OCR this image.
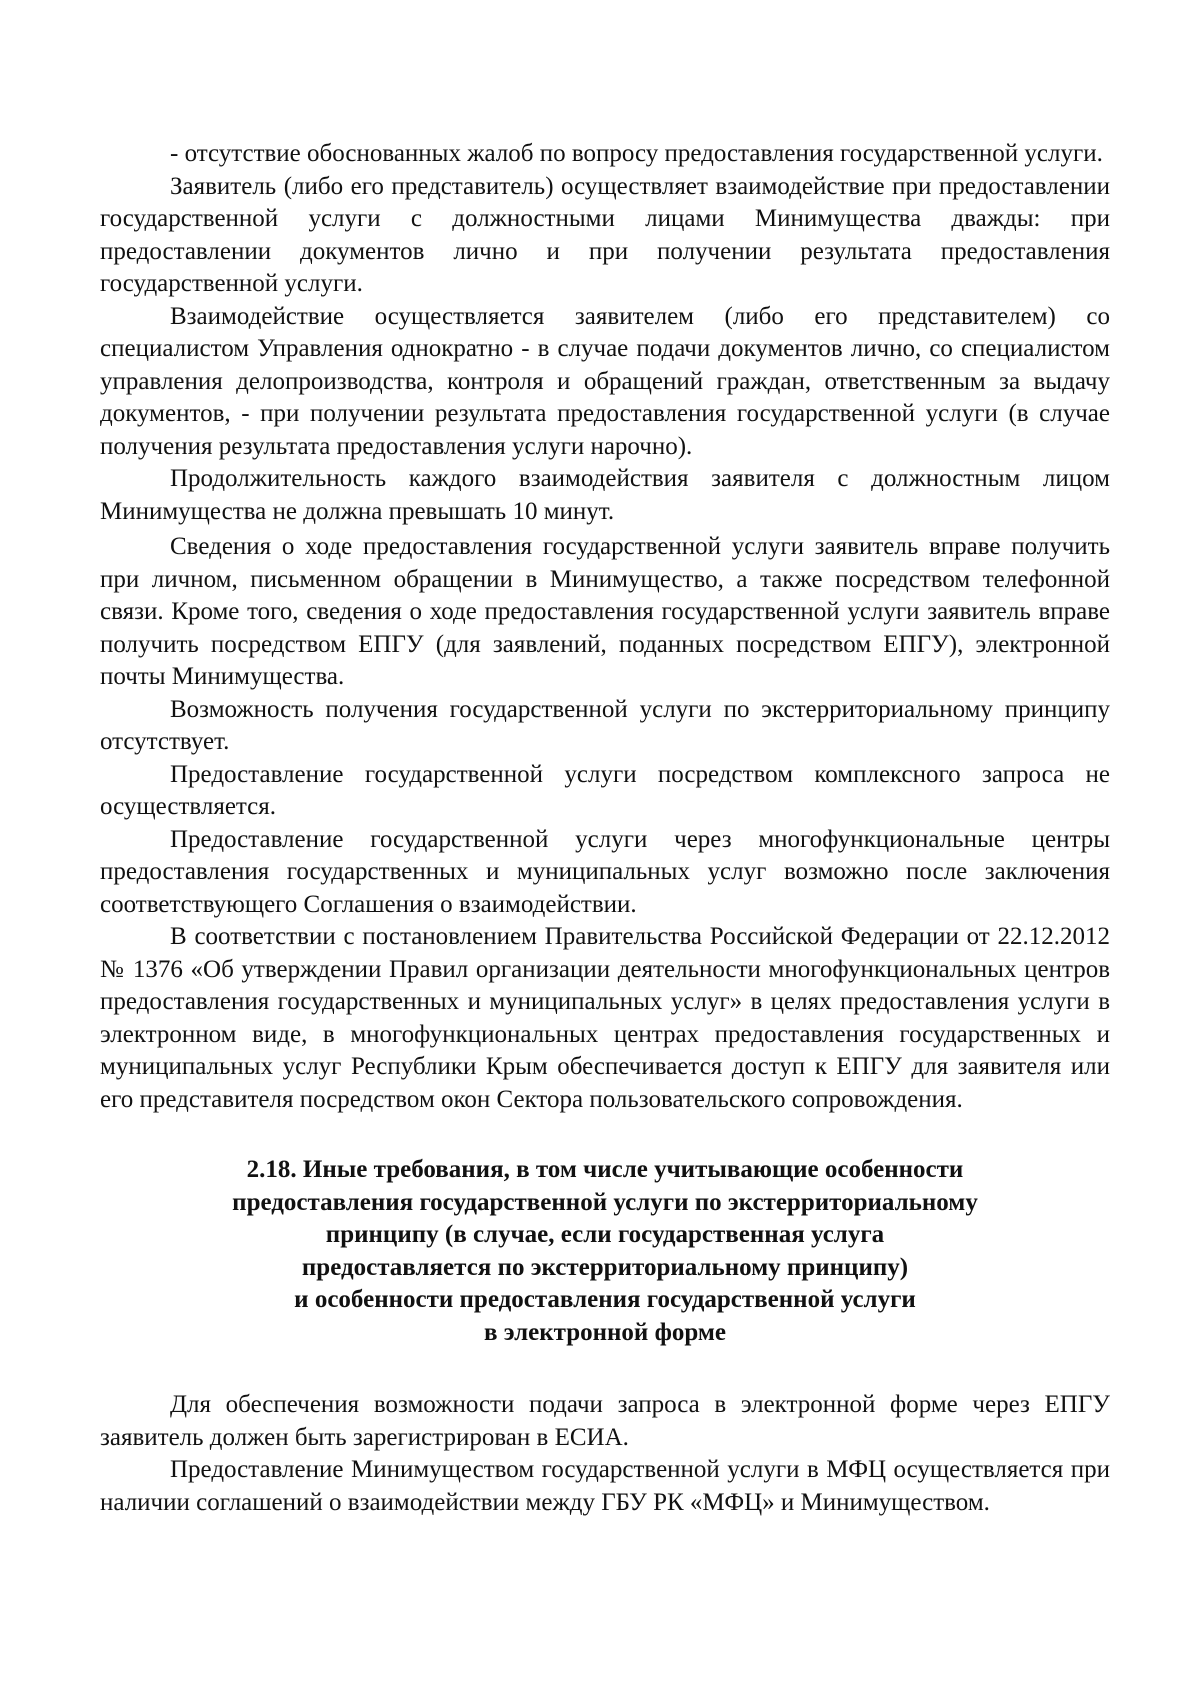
- отсутствие обоснованных жалоб по вопросу предоставления государственной услуги.

Заявитель (либо его представитель) осуществляет взаимодействие при предоставлении государственной услуги с должностными лицами Минимущества дважды: при предоставлении документов лично и при получении результата предоставления государственной услуги.

Взаимодействие осуществляется заявителем (либо его представителем) со специалистом Управления однократно - в случае подачи документов лично, со специалистом управления делопроизводства, контроля и обращений граждан, ответственным за выдачу документов, - при получении результата предоставления государственной услуги (в случае получения результата предоставления услуги нарочно).

Продолжительность каждого взаимодействия заявителя с должностным лицом Минимущества не должна превышать 10 минут.

Сведения о ходе предоставления государственной услуги заявитель вправе получить при личном, письменном обращении в Минимущество, а также посредством телефонной связи. Кроме того, сведения о ходе предоставления государственной услуги заявитель вправе получить посредством ЕПГУ (для заявлений, поданных посредством ЕПГУ), электронной почты Минимущества.

Возможность получения государственной услуги по экстерриториальному принципу отсутствует.

Предоставление государственной услуги посредством комплексного запроса не осуществляется.

Предоставление государственной услуги через многофункциональные центры предоставления государственных и муниципальных услуг возможно после заключения соответствующего Соглашения о взаимодействии.

В соответствии с постановлением Правительства Российской Федерации от 22.12.2012 № 1376 «Об утверждении Правил организации деятельности многофункциональных центров предоставления государственных и муниципальных услуг» в целях предоставления услуги в электронном виде, в многофункциональных центрах предоставления государственных и муниципальных услуг Республики Крым обеспечивается доступ к ЕПГУ для заявителя или его представителя посредством окон Сектора пользовательского сопровождения.

2.18. Иные требования, в том числе учитывающие особенности
предоставления государственной услуги по экстерриториальному
принципу (в случае, если государственная услуга
предоставляется по экстерриториальному принципу)
и особенности предоставления государственной услуги
в электронной форме

Для обеспечения возможности подачи запроса в электронной форме через ЕПГУ заявитель должен быть зарегистрирован в ЕСИА.

Предоставление Минимуществом государственной услуги в МФЦ осуществляется при наличии соглашений о взаимодействии между ГБУ РК «МФЦ» и Минимуществом.
